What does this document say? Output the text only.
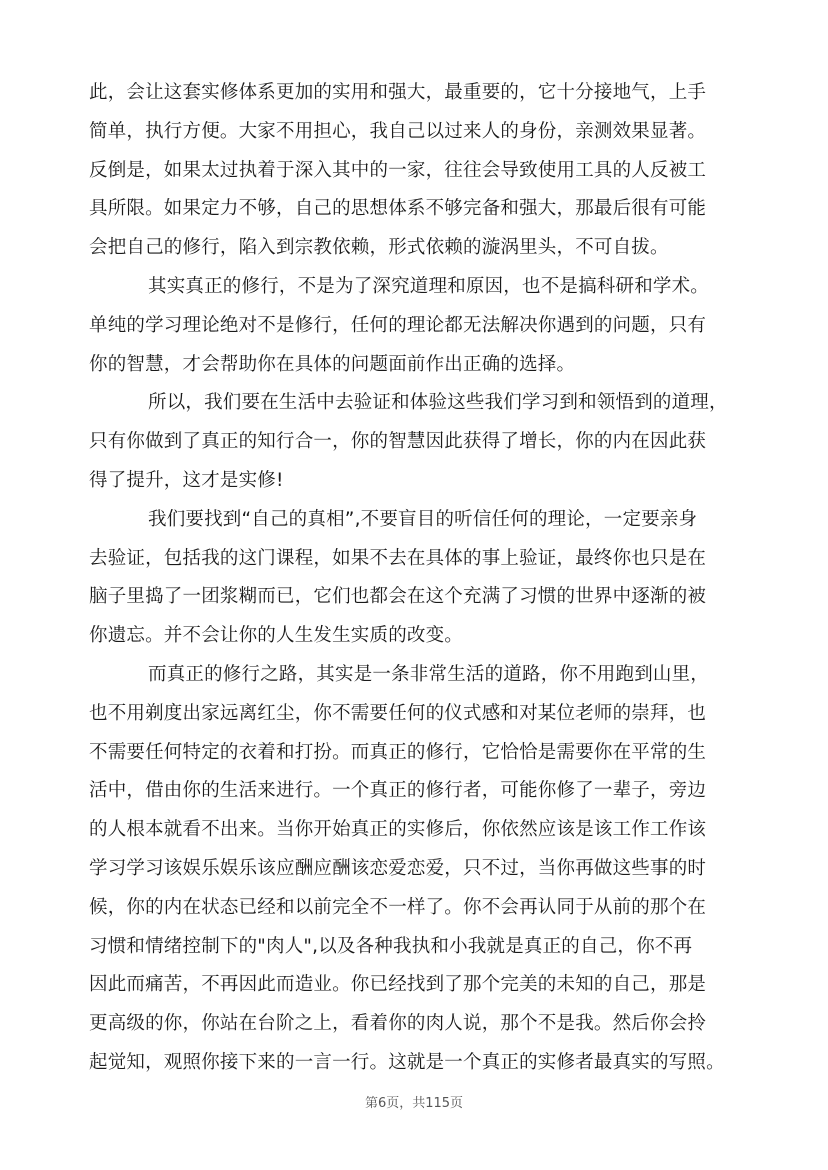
此，会让这套实修体系更加的实用和强大，最重要的，它十分接地气，上手
简单，执行方便。大家不用担心，我自己以过来人的身份，亲测效果显著。
反倒是，如果太过执着于深入其中的一家，往往会导致使用工具的人反被工
具所限。如果定力不够，自己的思想体系不够完备和强大，那最后很有可能
会把自己的修行，陷入到宗教依赖，形式依赖的漩涡里头，不可自拔。
其实真正的修行，不是为了深究道理和原因，也不是搞科研和学术。
单纯的学习理论绝对不是修行，任何的理论都无法解决你遇到的问题，只有
你的智慧，才会帮助你在具体的问题面前作出正确的选择。
所以，我们要在生活中去验证和体验这些我们学习到和领悟到的道理，
只有你做到了真正的知行合一，你的智慧因此获得了增长，你的内在因此获
得了提升，这才是实修!
我们要找到“自己的真相”,不要盲目的听信任何的理论，一定要亲身
去验证，包括我的这门课程，如果不去在具体的事上验证，最终你也只是在
脑子里捣了一团浆糊而已，它们也都会在这个充满了习惯的世界中逐渐的被
你遗忘。并不会让你的人生发生实质的改变。
而真正的修行之路，其实是一条非常生活的道路，你不用跑到山里，
也不用剃度出家远离红尘，你不需要任何的仪式感和对某位老师的崇拜，也
不需要任何特定的衣着和打扮。而真正的修行，它恰恰是需要你在平常的生
活中，借由你的生活来进行。一个真正的修行者，可能你修了一辈子，旁边
的人根本就看不出来。当你开始真正的实修后，你依然应该是该工作工作该
学习学习该娱乐娱乐该应酬应酬该恋爱恋爱，只不过，当你再做这些事的时
候，你的内在状态已经和以前完全不一样了。你不会再认同于从前的那个在
习惯和情绪控制下的"肉人",以及各种我执和小我就是真正的自己，你不再
因此而痛苦，不再因此而造业。你已经找到了那个完美的未知的自己，那是
更高级的你，你站在台阶之上，看着你的肉人说，那个不是我。然后你会拎
起觉知，观照你接下来的一言一行。这就是一个真正的实修者最真实的写照。
第6页，共115页
